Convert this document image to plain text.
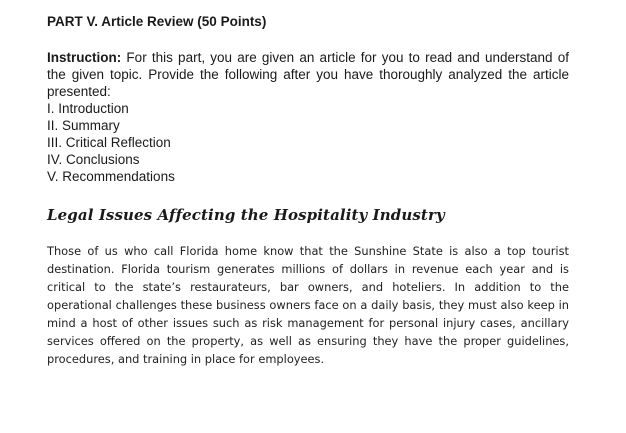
PART V. Article Review (50 Points)

Instruction: For this part, you are given an article for you to read and understand of the given topic. Provide the following after you have thoroughly analyzed the article presented:

I. Introduction
II. Summary
III. Critical Reflection
IV. Conclusions
V. Recommendations

Legal Issues Affecting the Hospitality Industry

Those of us who call Florida home know that the Sunshine State is also a top tourist destination. Florida tourism generates millions of dollars in revenue each year and is critical to the state’s restaurateurs, bar owners, and hoteliers. In addition to the operational challenges these business owners face on a daily basis, they must also keep in mind a host of other issues such as risk management for personal injury cases, ancillary services offered on the property, as well as ensuring they have the proper guidelines, procedures, and training in place for employees.
